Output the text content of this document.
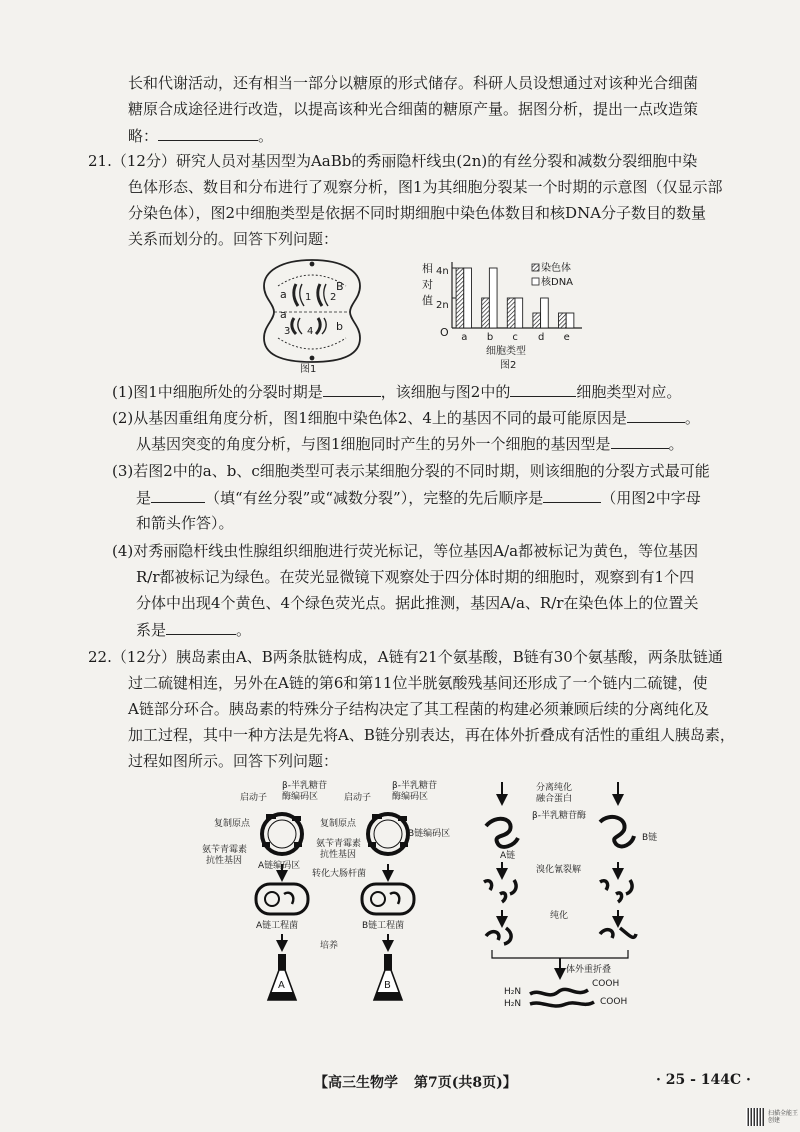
长和代谢活动，还有相当一部分以糖原的形式储存。科研人员设想通过对该种光合细菌
糖原合成途径进行改造，以提高该种光合细菌的糖原产量。据图分析，提出一点改造策
略：	。
21.（12分）研究人员对基因型为AaBb的秀丽隐杆线虫(2n)的有丝分裂和减数分裂细胞中染
色体形态、数目和分布进行了观察分析，图1为其细胞分裂某一个时期的示意图（仅显示部
分染色体），图2中细胞类型是依据不同时期细胞中染色体数目和核DNA分子数目的数量
关系而划分的。回答下列问题：
a 1 2
B
a
3 4 b
图1
相
对
值
4n
2n
O a b c d e
染色体
核DNA
细胞类型
图2
(1)图1中细胞所处的分裂时期是	，该细胞与图2中的	细胞类型对应。
(2)从基因重组角度分析，图1细胞中染色体2、4上的基因不同的最可能原因是	。
从基因突变的角度分析，与图1细胞同时产生的另外一个细胞的基因型是	。
(3)若图2中的a、b、c细胞类型可表示某细胞分裂的不同时期，则该细胞的分裂方式最可能
是	（填“有丝分裂”或“减数分裂”），完整的先后顺序是	（用图2中字母
和箭头作答）。
(4)对秀丽隐杆线虫性腺组织细胞进行荧光标记，等位基因A/a都被标记为黄色，等位基因
R/r都被标记为绿色。在荧光显微镜下观察处于四分体时期的细胞时，观察到有1个四
分体中出现4个黄色、4个绿色荧光点。据此推测，基因A/a、R/r在染色体上的位置关
系是	。
22.（12分）胰岛素由A、B两条肽链构成，A链有21个氨基酸，B链有30个氨基酸，两条肽链通
过二硫键相连，另外在A链的第6和第11位半胱氨酸残基间还形成了一个链内二硫键，使
A链部分环合。胰岛素的特殊分子结构决定了其工程菌的构建必须兼顾后续的分离纯化及
加工过程，其中一种方法是先将A、B链分别表达，再在体外折叠成有活性的重组人胰岛素，
过程如图所示。回答下列问题：
启动子
复制原点
β-半乳糖苷
酶编码区
氨苄青霉素
抗性基因 A链编码区
启动子
复制原点
β-半乳糖苷
酶编码区
氨苄青霉素
抗性基因
B链编码区
转化大肠杆菌
A链工程菌	B链工程菌
培养
A	B
分离纯化
融合蛋白
β-半乳糖苷酶
A链
B链
溴化氰裂解
纯化
体外重折叠
H₂N
H₂N
COOH
COOH
【高三生物学 第7页(共8页)】	· 25 - 144C ·
扫描全能王
创建
